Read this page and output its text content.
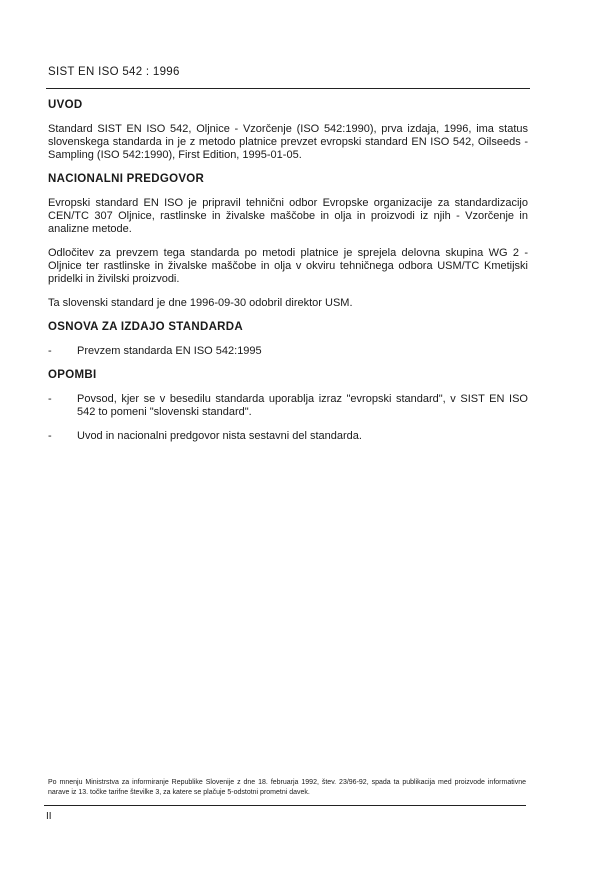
SIST EN ISO 542 : 1996
UVOD

Standard SIST EN ISO 542, Oljnice - Vzorčenje (ISO 542:1990), prva izdaja, 1996, ima status slovenskega standarda in je z metodo platnice prevzet evropski standard EN ISO 542, Oilseeds - Sampling (ISO 542:1990), First Edition, 1995-01-05.

NACIONALNI PREDGOVOR

Evropski standard EN ISO je pripravil tehnični odbor Evropske organizacije za standardizacijo CEN/TC 307 Oljnice, rastlinske in živalske maščobe in olja in proizvodi iz njih - Vzorčenje in analizne metode.

Odločitev za prevzem tega standarda po metodi platnice je sprejela delovna skupina WG 2 - Oljnice ter rastlinske in živalske maščobe in olja v okviru tehničnega odbora USM/TC Kmetijski pridelki in živilski proizvodi.

Ta slovenski standard je dne 1996-09-30 odobril direktor USM.

OSNOVA ZA IZDAJO STANDARDA
-	Prevzem standarda EN ISO 542:1995
OPOMBI
-	Povsod, kjer se v besedilu standarda uporablja izraz "evropski standard", v SIST EN ISO 542 to pomeni "slovenski standard".
-	Uvod in nacionalni predgovor nista sestavni del standarda.
Po mnenju Ministrstva za informiranje Republike Slovenije z dne 18. februarja 1992, štev. 23/96-92, spada ta publikacija med proizvode informativne narave iz 13. točke tarifne številke 3, za katere se plačuje 5-odstotni prometni davek.
II
